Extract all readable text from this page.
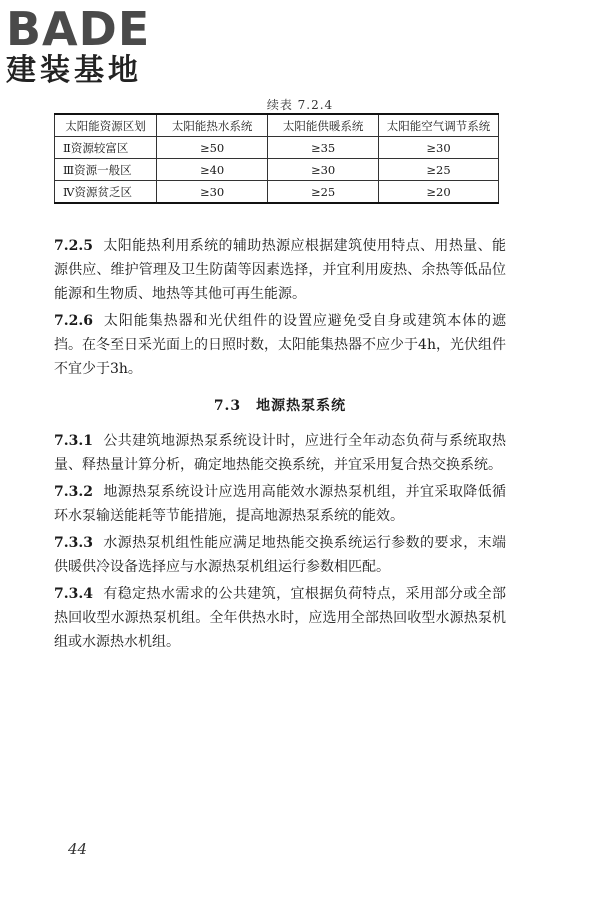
BADE
建装基地
续表 7.2.4
太阳能资源区划	太阳能热水系统	太阳能供暖系统	太阳能空气调节系统
Ⅱ资源较富区	≥50	≥35	≥30
Ⅲ资源一般区	≥40	≥30	≥25
Ⅳ资源贫乏区	≥30	≥25	≥20

7.2.5 太阳能热利用系统的辅助热源应根据建筑使用特点、用热量、能源供应、维护管理及卫生防菌等因素选择，并宜利用废热、余热等低品位能源和生物质、地热等其他可再生能源。

7.2.6 太阳能集热器和光伏组件的设置应避免受自身或建筑本体的遮挡。在冬至日采光面上的日照时数，太阳能集热器不应少于4h，光伏组件不宜少于3h。

7.3　地源热泵系统

7.3.1 公共建筑地源热泵系统设计时，应进行全年动态负荷与系统取热量、释热量计算分析，确定地热能交换系统，并宜采用复合热交换系统。

7.3.2 地源热泵系统设计应选用高能效水源热泵机组，并宜采取降低循环水泵输送能耗等节能措施，提高地源热泵系统的能效。

7.3.3 水源热泵机组性能应满足地热能交换系统运行参数的要求，末端供暖供冷设备选择应与水源热泵机组运行参数相匹配。

7.3.4 有稳定热水需求的公共建筑，宜根据负荷特点，采用部分或全部热回收型水源热泵机组。全年供热水时，应选用全部热回收型水源热泵机组或水源热水机组。

44
